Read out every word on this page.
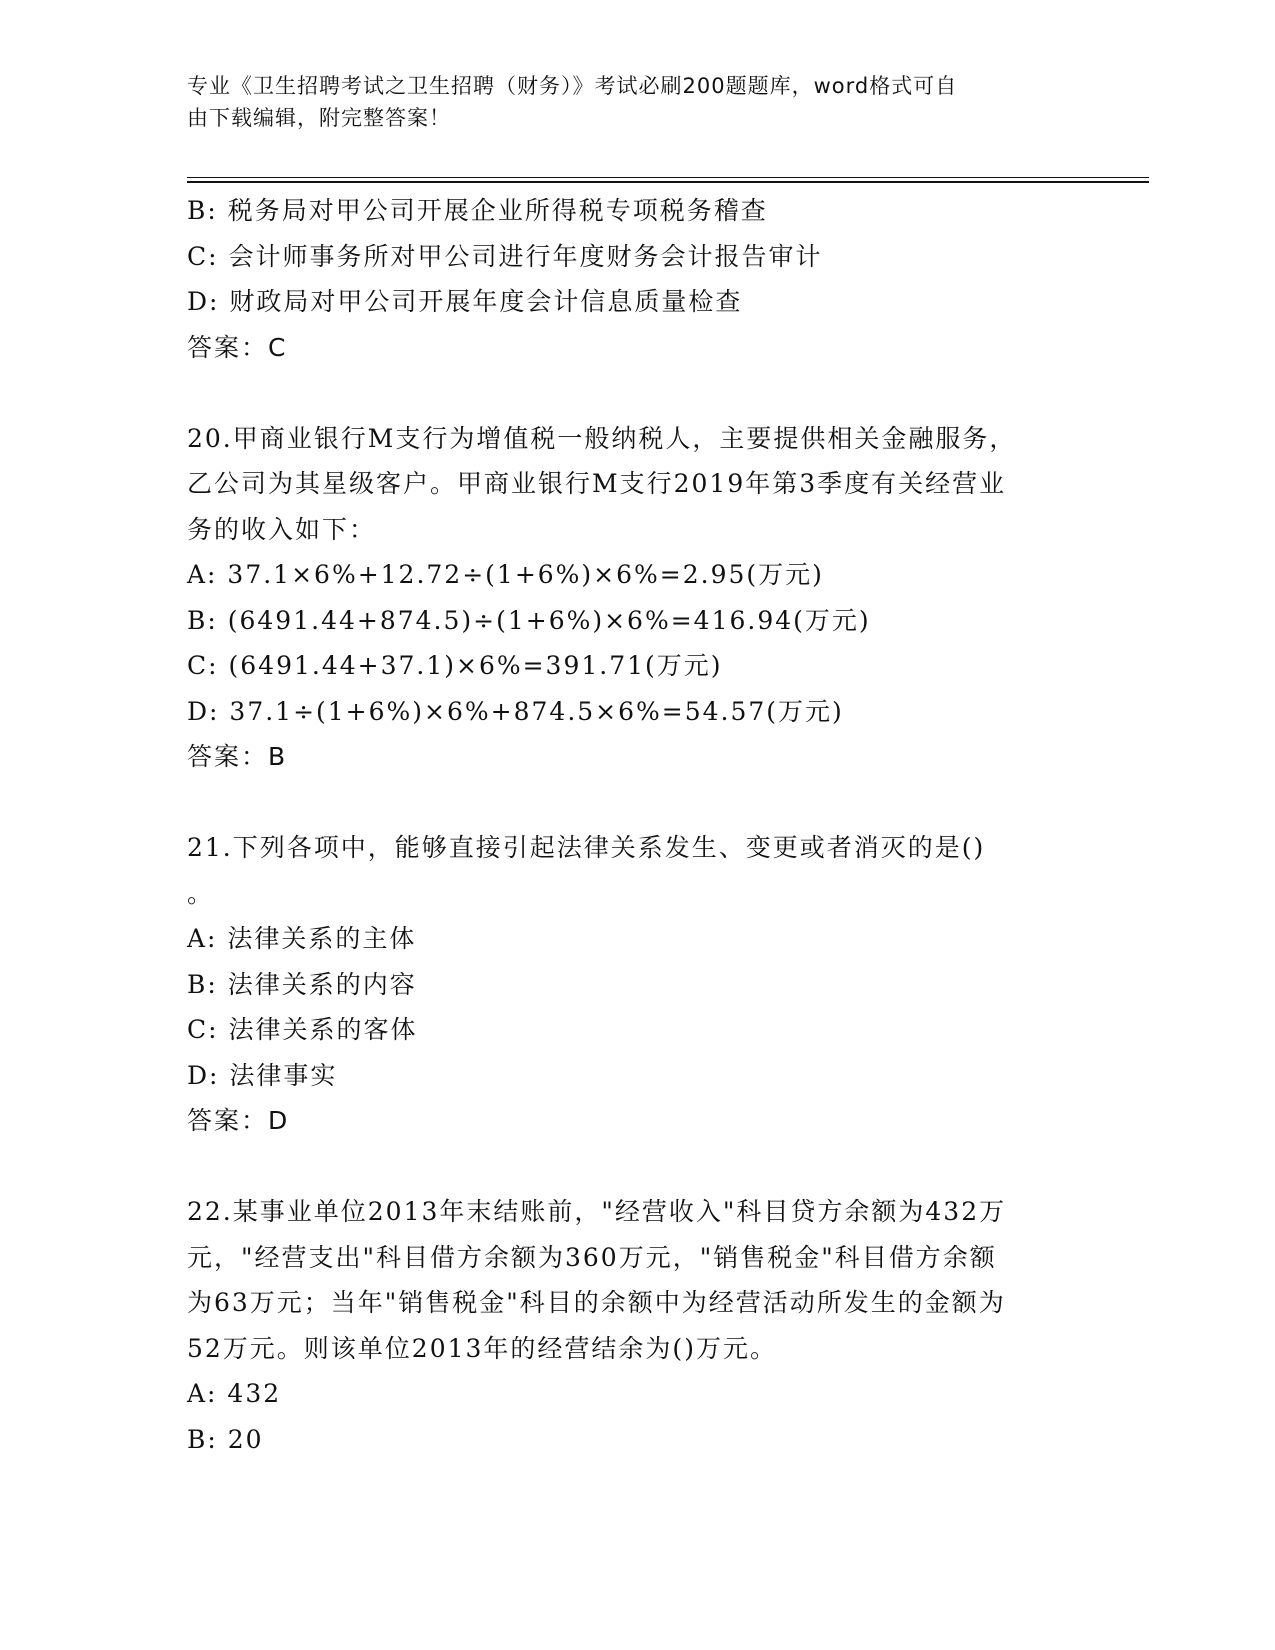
专业《卫生招聘考试之卫生招聘（财务）》考试必刷200题题库，word格式可自
由下载编辑，附完整答案！
B: 税务局对甲公司开展企业所得税专项税务稽查
C: 会计师事务所对甲公司进行年度财务会计报告审计
D: 财政局对甲公司开展年度会计信息质量检查
答案：C
20.甲商业银行M支行为增值税一般纳税人，主要提供相关金融服务，
乙公司为其星级客户。甲商业银行M支行2019年第3季度有关经营业
务的收入如下：
A: 37.1×6%+12.72÷(1+6%)×6%=2.95(万元)
B: (6491.44+874.5)÷(1+6%)×6%=416.94(万元)
C: (6491.44+37.1)×6%=391.71(万元)
D: 37.1÷(1+6%)×6%+874.5×6%=54.57(万元)
答案：B
21.下列各项中，能够直接引起法律关系发生、变更或者消灭的是()
。
A: 法律关系的主体
B: 法律关系的内容
C: 法律关系的客体
D: 法律事实
答案：D
22.某事业单位2013年末结账前，"经营收入"科目贷方余额为432万
元，"经营支出"科目借方余额为360万元，"销售税金"科目借方余额
为63万元；当年"销售税金"科目的余额中为经营活动所发生的金额为
52万元。则该单位2013年的经营结余为()万元。
A: 432
B: 20
